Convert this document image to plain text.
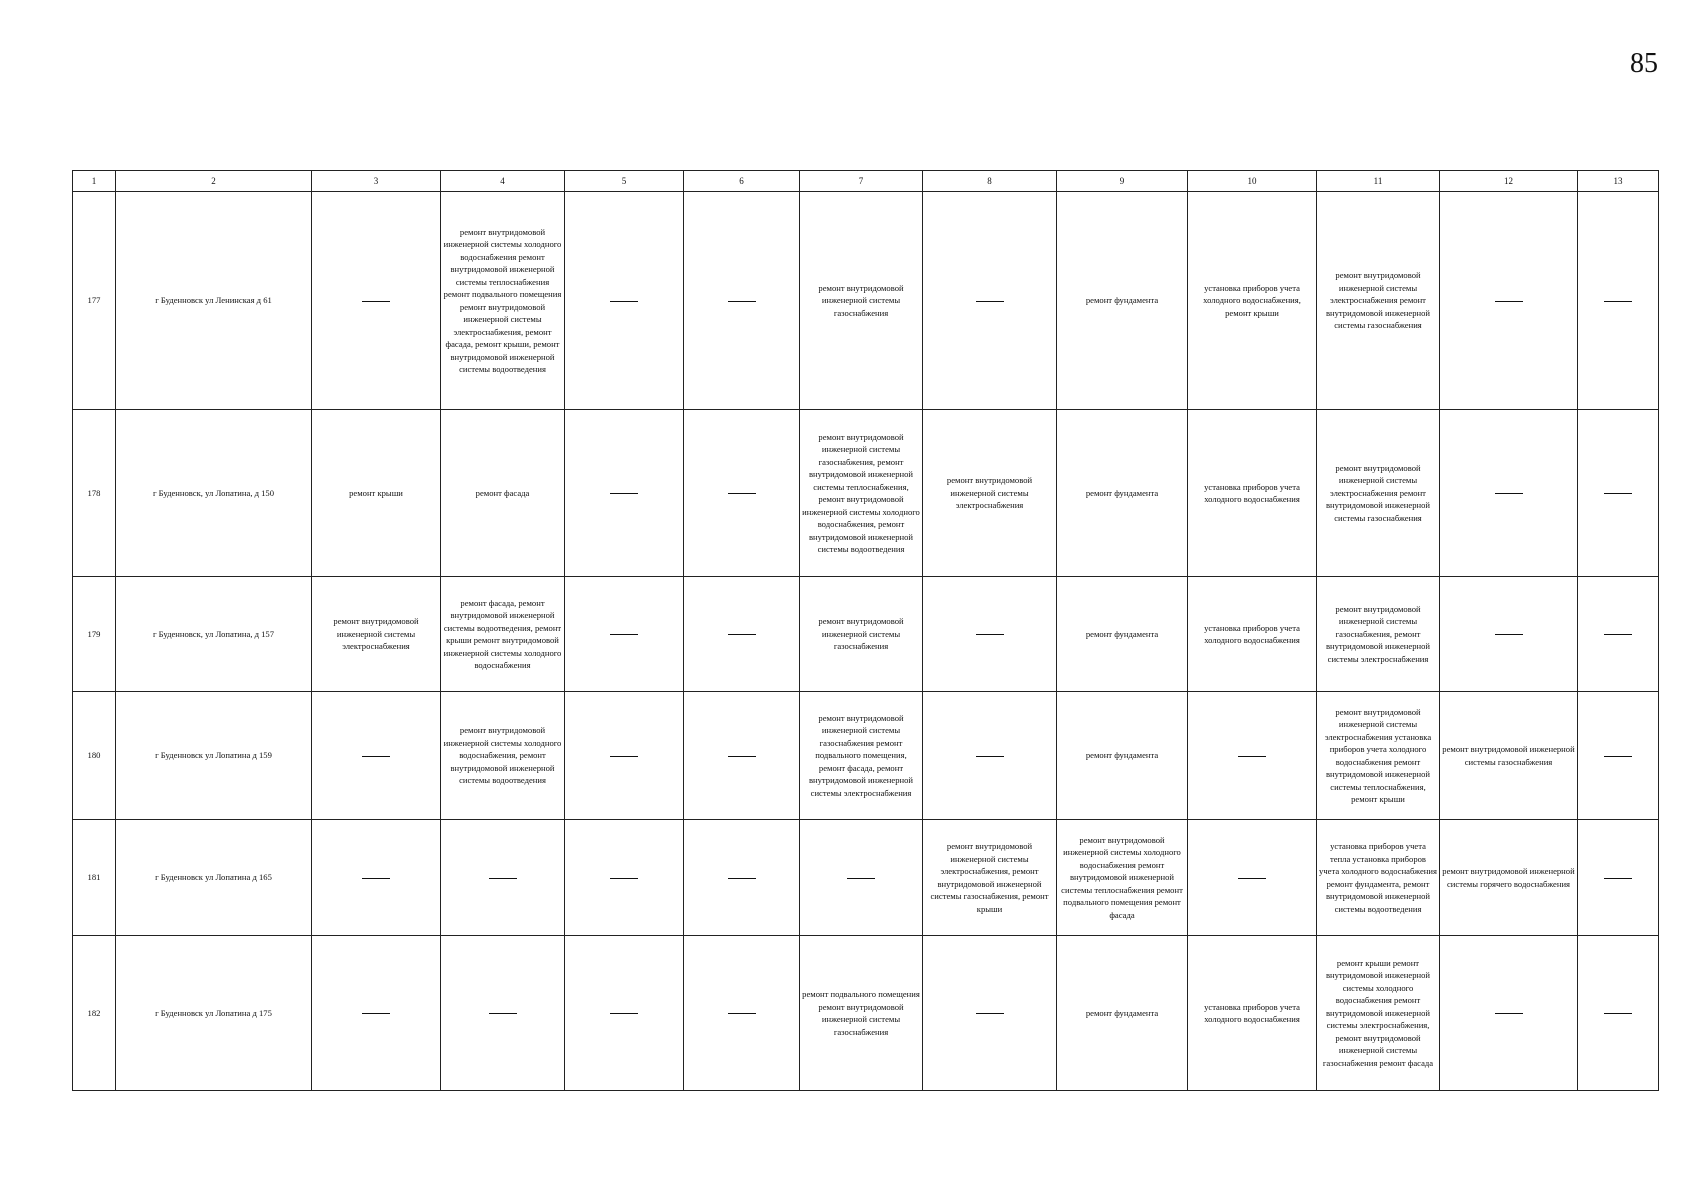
85
1	2	3	4	5	6	7	8	9	10	11	12	13
177	г Буденновск ул Ленинская д 61		ремонт внутридомовой инженерной системы холодного водоснабжения ремонт внутридомовой инженерной системы теплоснабжения ремонт подвального помещения ремонт внутридомовой инженерной системы электроснабжения, ремонт фасада, ремонт крыши, ремонт внутридомовой инженерной системы водоотведения			ремонт внутридомовой инженерной системы газоснабжения		ремонт фундамента	установка приборов учета холодного водоснабжения, ремонт крыши	ремонт внутридомовой инженерной системы электроснабжения ремонт внутридомовой инженерной системы газоснабжения		
178	г Буденновск, ул Лопатина, д 150	ремонт крыши	ремонт фасада			ремонт внутридомовой инженерной системы газоснабжения, ремонт внутридомовой инженерной системы теплоснабжения, ремонт внутридомовой инженерной системы холодного водоснабжения, ремонт внутридомовой инженерной системы водоотведения	ремонт внутридомовой инженерной системы электроснабжения	ремонт фундамента	установка приборов учета холодного водоснабжения	ремонт внутридомовой инженерной системы электроснабжения ремонт внутридомовой инженерной системы газоснабжения		
179	г Буденновск, ул Лопатина, д 157	ремонт внутридомовой инженерной системы электроснабжения	ремонт фасада, ремонт внутридомовой инженерной системы водоотведения, ремонт крыши ремонт внутридомовой инженерной системы холодного водоснабжения			ремонт внутридомовой инженерной системы газоснабжения		ремонт фундамента	установка приборов учета холодного водоснабжения	ремонт внутридомовой инженерной системы газоснабжения, ремонт внутридомовой инженерной системы электроснабжения		
180	г Буденновск ул Лопатина д 159		ремонт внутридомовой инженерной системы холодного водоснабжения, ремонт внутридомовой инженерной системы водоотведения			ремонт внутридомовой инженерной системы газоснабжения ремонт подвального помещения, ремонт фасада, ремонт внутридомовой инженерной системы электроснабжения		ремонт фундамента		ремонт внутридомовой инженерной системы электроснабжения установка приборов учета холодного водоснабжения ремонт внутридомовой инженерной системы теплоснабжения, ремонт крыши	ремонт внутридомовой инженерной системы газоснабжения	
181	г Буденновск ул Лопатина д 165						ремонт внутридомовой инженерной системы электроснабжения, ремонт внутридомовой инженерной системы газоснабжения, ремонт крыши	ремонт внутридомовой инженерной системы холодного водоснабжения ремонт внутридомовой инженерной системы теплоснабжения ремонт подвального помещения ремонт фасада		установка приборов учета тепла установка приборов учета холодного водоснабжения ремонт фундамента, ремонт внутридомовой инженерной системы водоотведения	ремонт внутридомовой инженерной системы горячего водоснабжения	
182	г Буденновск ул Лопатина д 175					ремонт подвального помещения ремонт внутридомовой инженерной системы газоснабжения		ремонт фундамента	установка приборов учета холодного водоснабжения	ремонт крыши ремонт внутридомовой инженерной системы холодного водоснабжения ремонт внутридомовой инженерной системы электроснабжения, ремонт внутридомовой инженерной системы газоснабжения ремонт фасада		
